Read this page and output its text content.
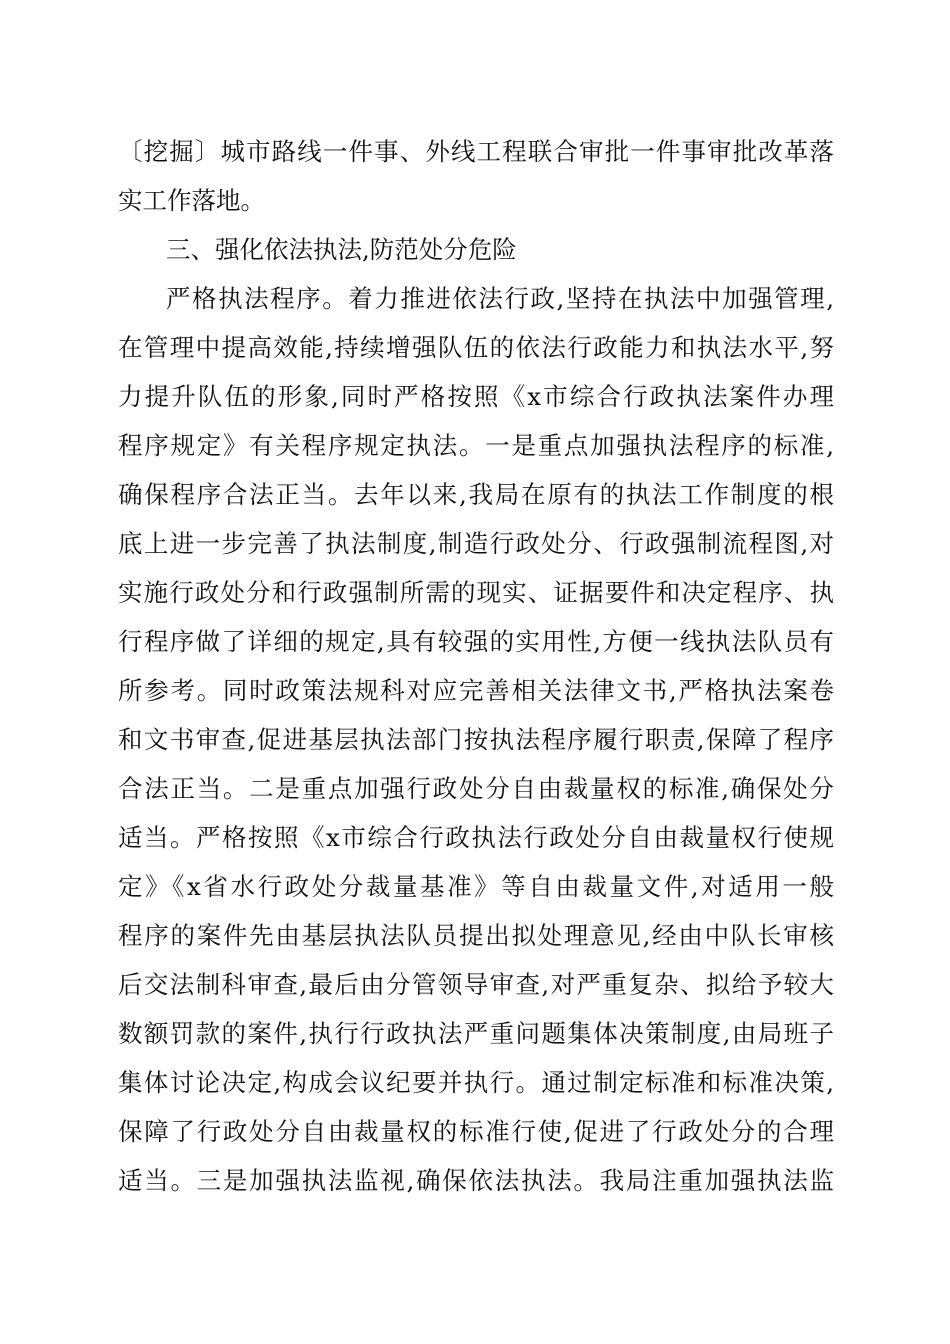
〔挖掘〕城市路线一件事、外线工程联合审批一件事审批改革落
实工作落地。
三、强化依法执法,防范处分危险
严格执法程序。着力推进依法行政,坚持在执法中加强管理,
在管理中提高效能,持续增强队伍的依法行政能力和执法水平,努
力提升队伍的形象,同时严格按照《x市综合行政执法案件办理
程序规定》有关程序规定执法。一是重点加强执法程序的标准,
确保程序合法正当。去年以来,我局在原有的执法工作制度的根
底上进一步完善了执法制度,制造行政处分、行政强制流程图,对
实施行政处分和行政强制所需的现实、证据要件和决定程序、执
行程序做了详细的规定,具有较强的实用性,方便一线执法队员有
所参考。同时政策法规科对应完善相关法律文书,严格执法案卷
和文书审查,促进基层执法部门按执法程序履行职责,保障了程序
合法正当。二是重点加强行政处分自由裁量权的标准,确保处分
适当。严格按照《x市综合行政执法行政处分自由裁量权行使规
定》《x省水行政处分裁量基准》等自由裁量文件,对适用一般
程序的案件先由基层执法队员提出拟处理意见,经由中队长审核
后交法制科审查,最后由分管领导审查,对严重复杂、拟给予较大
数额罚款的案件,执行行政执法严重问题集体决策制度,由局班子
集体讨论决定,构成会议纪要并执行。通过制定标准和标准决策,
保障了行政处分自由裁量权的标准行使,促进了行政处分的合理
适当。三是加强执法监视,确保依法执法。我局注重加强执法监
